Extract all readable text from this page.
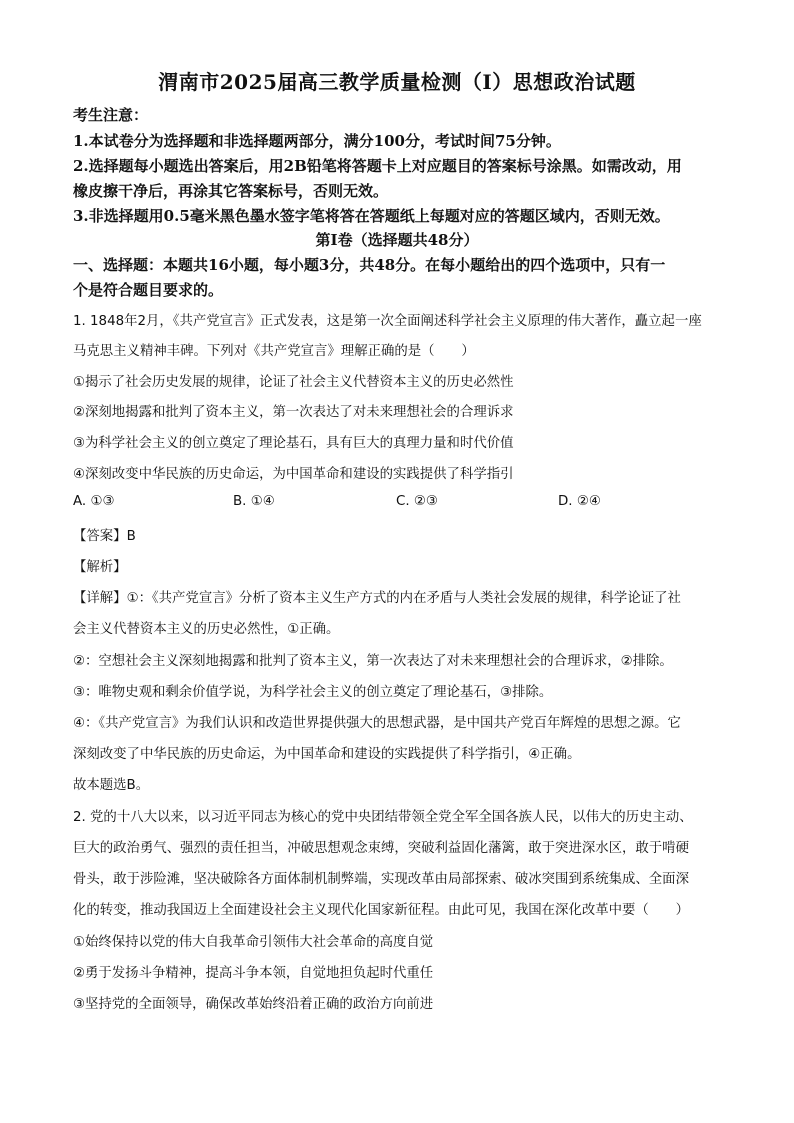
渭南市2025届高三教学质量检测（I）思想政治试题
考生注意：
1.本试卷分为选择题和非选择题两部分，满分100分，考试时间75分钟。
2.选择题每小题选出答案后，用2B铅笔将答题卡上对应题目的答案标号涂黑。如需改动，用
橡皮擦干净后，再涂其它答案标号，否则无效。
3.非选择题用0.5毫米黑色墨水签字笔将答在答题纸上每题对应的答题区域内，否则无效。
第I卷（选择题共48分）
一、选择题：本题共16小题，每小题3分，共48分。在每小题给出的四个选项中，只有一
个是符合题目要求的。
1. 1848年2月，《共产党宣言》正式发表，这是第一次全面阐述科学社会主义原理的伟大著作，矗立起一座
马克思主义精神丰碑。下列对《共产党宣言》理解正确的是（　　）
①揭示了社会历史发展的规律，论证了社会主义代替资本主义的历史必然性
②深刻地揭露和批判了资本主义，第一次表达了对未来理想社会的合理诉求
③为科学社会主义的创立奠定了理论基石，具有巨大的真理力量和时代价值
④深刻改变中华民族的历史命运，为中国革命和建设的实践提供了科学指引
A. ①③	B. ①④	C. ②③	D. ②④
【答案】B
【解析】
【详解】①：《共产党宣言》分析了资本主义生产方式的内在矛盾与人类社会发展的规律，科学论证了社
会主义代替资本主义的历史必然性，①正确。
②：空想社会主义深刻地揭露和批判了资本主义，第一次表达了对未来理想社会的合理诉求，②排除。
③：唯物史观和剩余价值学说，为科学社会主义的创立奠定了理论基石，③排除。
④：《共产党宣言》为我们认识和改造世界提供强大的思想武器，是中国共产党百年辉煌的思想之源。它
深刻改变了中华民族的历史命运，为中国革命和建设的实践提供了科学指引，④正确。
故本题选B。
2. 党的十八大以来，以习近平同志为核心的党中央团结带领全党全军全国各族人民，以伟大的历史主动、
巨大的政治勇气、强烈的责任担当，冲破思想观念束缚，突破利益固化藩篱，敢于突进深水区，敢于啃硬
骨头，敢于涉险滩，坚决破除各方面体制机制弊端，实现改革由局部探索、破冰突围到系统集成、全面深
化的转变，推动我国迈上全面建设社会主义现代化国家新征程。由此可见，我国在深化改革中要（　　）
①始终保持以党的伟大自我革命引领伟大社会革命的高度自觉
②勇于发扬斗争精神，提高斗争本领，自觉地担负起时代重任
③坚持党的全面领导，确保改革始终沿着正确的政治方向前进
